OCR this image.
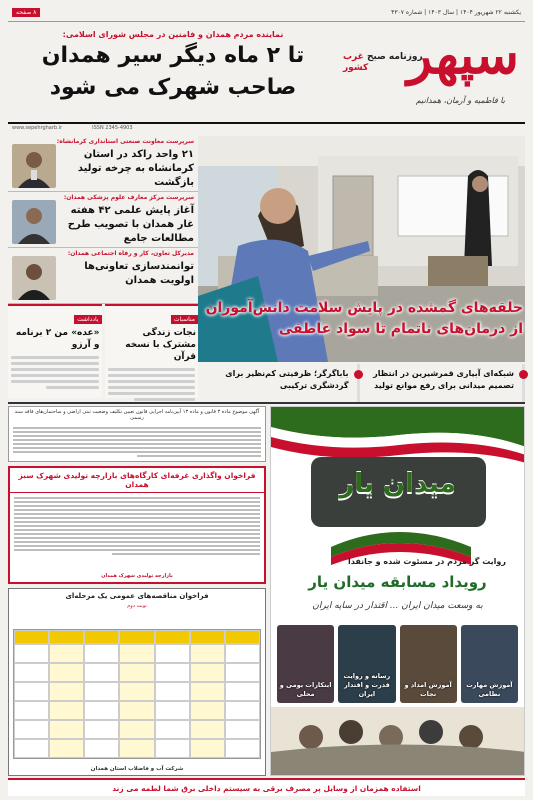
یکشنبه ۲۲ شهریور ۱۴۰۴ | سال ۱۴۰۳ | شماره ۴۳۰۷
۸ صفحه
سپهر
روزنامه صبح غرب کشور
با فاطمیه و آرمان، همدانیم
نماینده مردم همدان و فامنین در مجلس شورای اسلامی:
تا ۲ ماه دیگر سیر همدان
صاحب شهرک می شود
www.sepehrgharb.ir	ISSN 2345-4903
سرپرست معاونت صنعتی استانداری کرمانشاه:
۲۱ واحد راکد در استان کرمانشاه به چرخه تولید بازگشت
سرپرست مرکز معارف علوم پزشکی همدان:
آغاز پایش علمی ۴۲ هفته غار همدان با تصویب طرح مطالعات جامع
مدیرکل تعاون، کار و رفاه اجتماعی همدان:
توانمندسازی تعاونی‌ها اولویت همدان
مناسبات
نجات زندگی مشترک با نسخه قرآن
یادداشت
«عده» من ۲ برنامه و آرزو
حلقه‌های گمشده در پایش سلامت دانش‌آموزان
از درمان‌های ناتمام تا سواد عاطفی
شبکه‌ای آبیاری قمرشیرین در انتظار تصمیم میدانی برای رفع موانع تولید
باباگرگر؛ ظرفیتی کم‌نظیر برای گردشگری ترکیبی
آگهی موضوع ماده ۳ قانون و ماده ۱۳ آیین‌نامه اجرایی قانون تعیین تکلیف وضعیت ثبتی اراضی و ساختمان‌های فاقد سند رسمی
فراخوان واگذاری غرفه‌ای کارگاه‌های بازارچه تولیدی شهرک سبز همدان
بازارچه تولیدی شهرک همدان
فراخوان مناقصه‌های عمومی یک مرحله‌ای
نوبت دوم
شرکت آب و فاضلاب استان همدان
میدان یار
روایت گر مردم در مسئوت شده و جانفدا
رویداد مسابقه میدان یار
به وسعت میدان ایران ... اقتدار در سایه ایران
آموزش مهارت نظامی
آموزش امداد و نجات
رسانه و روایت قدرت و اقتدار ایران
ابتکارات بومی و محلی
استفاده همزمان از وسایل پر مصرف برقی به سیستم داخلی برق شما لطمه می زند
